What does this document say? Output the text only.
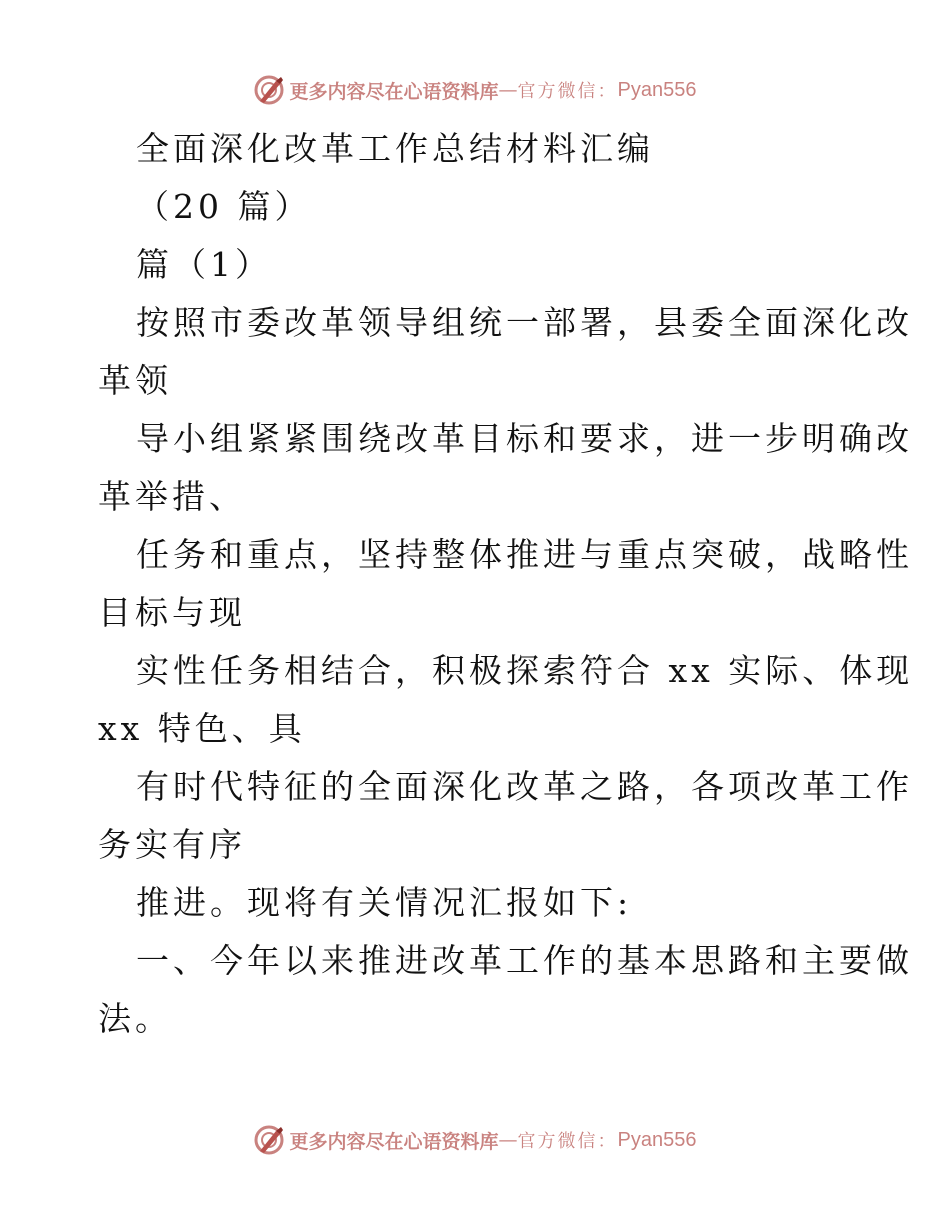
更多内容尽在心语资料库 — 官方微信： Pyan556
全面深化改革工作总结材料汇编
（20 篇）
篇（1）
按照市委改革领导组统一部署，县委全面深化改
革领
导小组紧紧围绕改革目标和要求，进一步明确改
革举措、
任务和重点，坚持整体推进与重点突破，战略性
目标与现
实性任务相结合，积极探索符合 xx 实际、体现
xx 特色、具
有时代特征的全面深化改革之路，各项改革工作
务实有序
推进。现将有关情况汇报如下:
一、今年以来推进改革工作的基本思路和主要做
法。
更多内容尽在心语资料库 — 官方微信： Pyan556
